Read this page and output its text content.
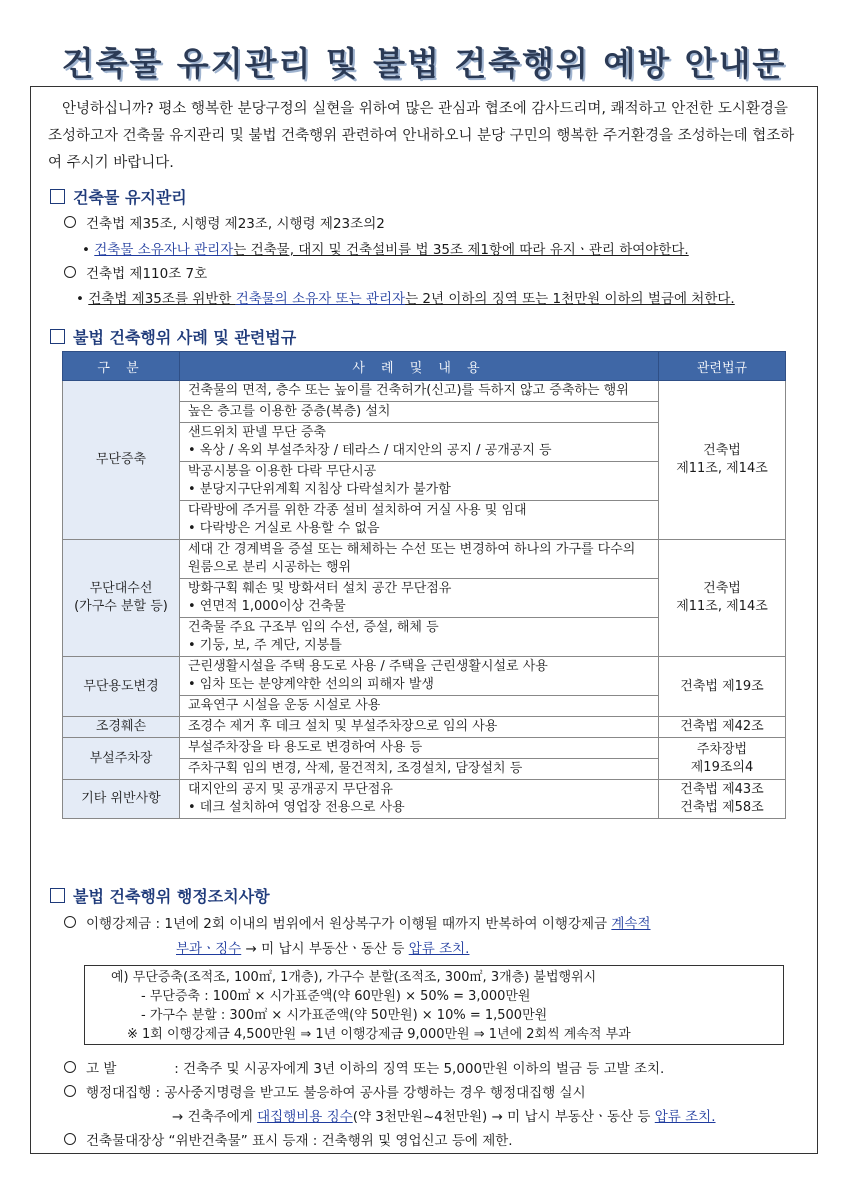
건축물 유지관리 및 불법 건축행위 예방 안내문
안녕하십니까? 평소 행복한 분당구정의 실현을 위하여 많은 관심과 협조에 감사드리며, 쾌적하고 안전한 도시환경을 조성하고자 건축물 유지관리 및 불법 건축행위 관련하여 안내하오니 분당 구민의 행복한 주거환경을 조성하는데 협조하여 주시기 바랍니다.
건축물 유지관리
건축법 제35조, 시행령 제23조, 시행령 제23조의2
• 건축물 소유자나 관리자는 건축물, 대지 및 건축설비를 법 35조 제1항에 따라 유지ㆍ관리 하여야한다.
건축법 제110조 7호
• 건축법 제35조를 위반한 건축물의 소유자 또는 관리자는 2년 이하의 징역 또는 1천만원 이하의 벌금에 처한다.
불법 건축행위 사례 및 관련법규
구 분	사 례 및 내 용	관련법규
무단증축	건축물의 면적, 층수 또는 높이를 건축허가(신고)를 득하지 않고 증축하는 행위	건축법
제11조, 제14조
	높은 층고를 이용한 중층(복층) 설치	
	샌드위치 판넬 무단 증축
• 옥상 / 옥외 부설주차장 / 테라스 / 대지안의 공지 / 공개공지 등	
	박공시붕을 이용한 다락 무단시공
• 분당지구단위계획 지침상 다락설치가 불가함	
	다락방에 주거를 위한 각종 설비 설치하여 거실 사용 및 임대
• 다락방은 거실로 사용할 수 없음	
무단대수선
(가구수 분할 등)	세대 간 경계벽을 증설 또는 해체하는 수선 또는 변경하여 하나의 가구를 다수의 원룸으로 분리 시공하는 행위	건축법
제11조, 제14조
	방화구획 훼손 및 방화셔터 설치 공간 무단점유
• 연면적 1,000이상 건축물	
	건축물 주요 구조부 임의 수선, 증설, 해체 등
• 기둥, 보, 주 계단, 지붕틀	
무단용도변경	근린생활시설을 주택 용도로 사용 / 주택을 근린생활시설로 사용
• 임차 또는 분양계약한 선의의 피해자 발생	건축법 제19조
	교육연구 시설을 운동 시설로 사용	
조경훼손	조경수 제거 후 데크 설치 및 부설주차장으로 임의 사용	건축법 제42조
부설주차장	부설주차장을 타 용도로 변경하여 사용 등	주차장법
제19조의4
	주차구획 임의 변경, 삭제, 물건적치, 조경설치, 담장설치 등	
기타 위반사항	대지안의 공지 및 공개공지 무단점유
• 데크 설치하여 영업장 전용으로 사용	건축법 제43조
건축법 제58조
불법 건축행위 행정조치사항
이행강제금 : 1년에 2회 이내의 범위에서 원상복구가 이행될 때까지 반복하여 이행강제금 계속적
부과ㆍ징수 → 미 납시 부동산ㆍ동산 등 압류 조치.
예) 무단증축(조적조, 100㎡, 1개층), 가구수 분할(조적조, 300㎡, 3개층) 불법행위시
- 무단증축 : 100㎡ × 시가표준액(약 60만원) × 50% = 3,000만원
- 가구수 분할 : 300㎡ × 시가표준액(약 50만원) × 10% = 1,500만원
※ 1회 이행강제금 4,500만원 ⇒ 1년 이행강제금 9,000만원 ⇒ 1년에 2회씩 계속적 부과
고 발	: 건축주 및 시공자에게 3년 이하의 징역 또는 5,000만원 이하의 벌금 등 고발 조치.
행정대집행 : 공사중지명령을 받고도 불응하여 공사를 강행하는 경우 행정대집행 실시
→ 건축주에게 대집행비용 징수(약 3천만원~4천만원) → 미 납시 부동산ㆍ동산 등 압류 조치.
건축물대장상 “위반건축물” 표시 등재 : 건축행위 및 영업신고 등에 제한.
